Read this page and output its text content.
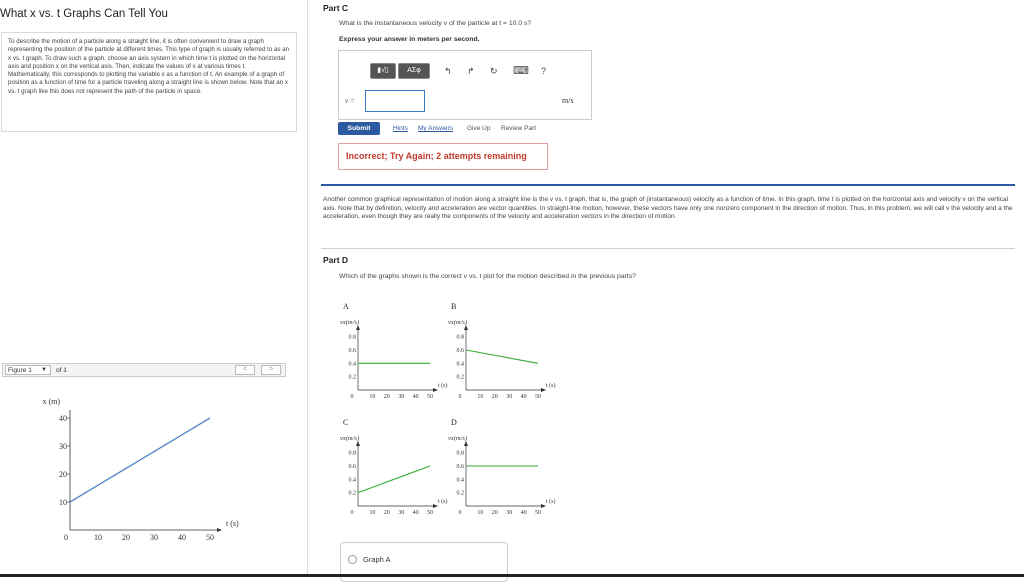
What x vs. t Graphs Can Tell You
To describe the motion of a particle along a straight line, it is often convenient to draw a graph representing the position of the particle at different times. This type of graph is usually referred to as an x vs. t graph. To draw such a graph, choose an axis system in which time t is plotted on the horizontal axis and position x on the vertical axis. Then, indicate the values of x at various times t. Mathematically, this corresponds to plotting the variable x as a function of t. An example of a graph of position as a function of time for a particle traveling along a straight line is shown below. Note that an x vs. t graph like this does not represent the path of the particle in space.
Figure 1 ▼ of 1	<	>
x (m)
t (s)
10
20
30
40
0	10	20	30	40	50
Part C
What is the instantaneous velocity v of the particle at t = 10.0 s?
Express your answer in meters per second.
▮√▯	ΑΣφ	↰ ↱ ↻ ⌨ ?
v =	m/s
Submit	Hints My Answers Give Up Review Part
Incorrect; Try Again; 2 attempts remaining
Another common graphical representation of motion along a straight line is the v vs. t graph, that is, the graph of (instantaneous) velocity as a function of time. In this graph, time t is plotted on the horizontal axis and velocity v on the vertical axis. Note that by definition, velocity and acceleration are vector quantities. In straight-line motion, however, these vectors have only one nonzero component in the direction of motion. Thus, in this problem, we will call v the velocity and a the acceleration, even though they are really the components of the velocity and acceleration vectors in the direction of motion.
Part D
Which of the graphs shown is the correct v vs. t plot for the motion described in the previous parts?
A	B
C	D
vx(m/s)
t (s)
0.2
0.4
0.6
0.8
0	10 20 30 40 50
vx(m/s)
t (s)
0.2
0.4
0.6
0.8
0	10 20 30 40 50
vx(m/s)
t (s)
0.2
0.4
0.6
0.8
0	10 20 30 40 50
vx(m/s)
t (s)
0.2
0.4
0.6
0.8
0	10 20 30 40 50
Graph A
